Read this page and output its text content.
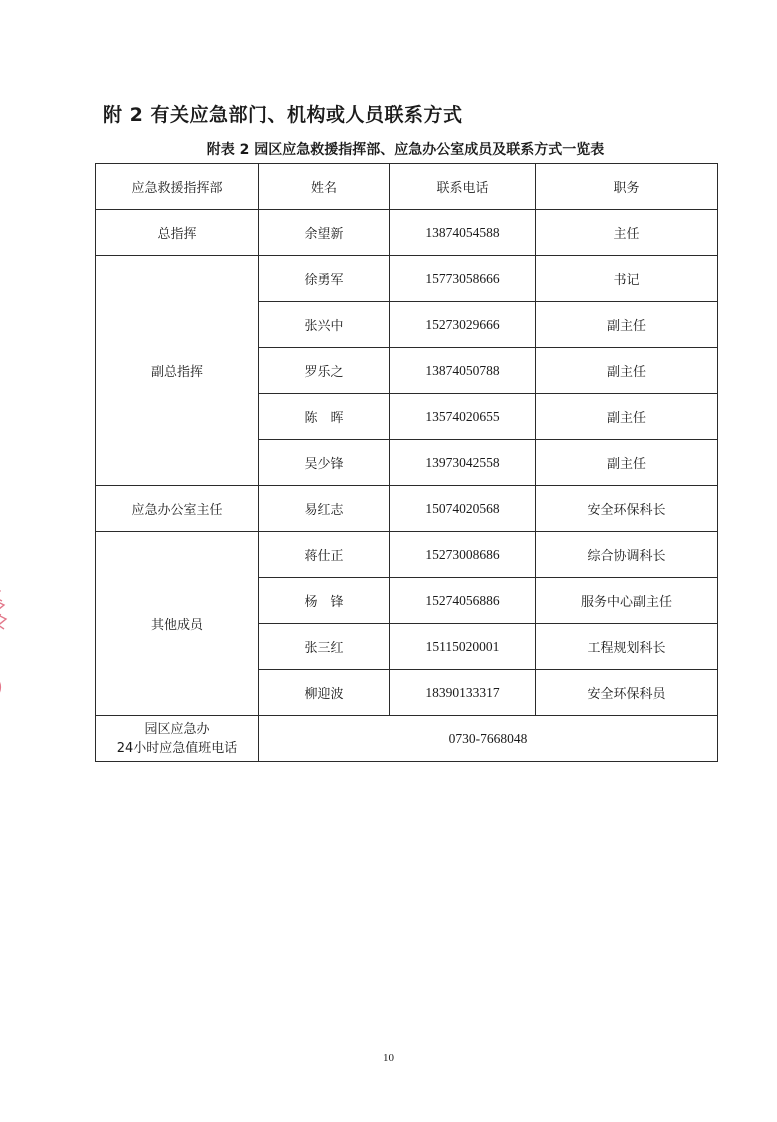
附 2 有关应急部门、机构或人员联系方式
附表 2 园区应急救援指挥部、应急办公室成员及联系方式一览表
应急救援指挥部	姓名	联系电话	职务
总指挥	余望新	13874054588	主任
副总指挥	徐勇军	15773058666	书记
	张兴中	15273029666	副主任
	罗乐之	13874050788	副主任
	陈　晖	13574020655	副主任
	吴少锋	13973042558	副主任
应急办公室主任	易红志	15074020568	安全环保科长
其他成员	蒋仕正	15273008686	综合协调科长
	杨　锋	15274056886	服务中心副主任
	张三红	15115020001	工程规划科长
	柳迎波	18390133317	安全环保科员

园区应急办
24小时应急值班电话	0730-7668048		
10
